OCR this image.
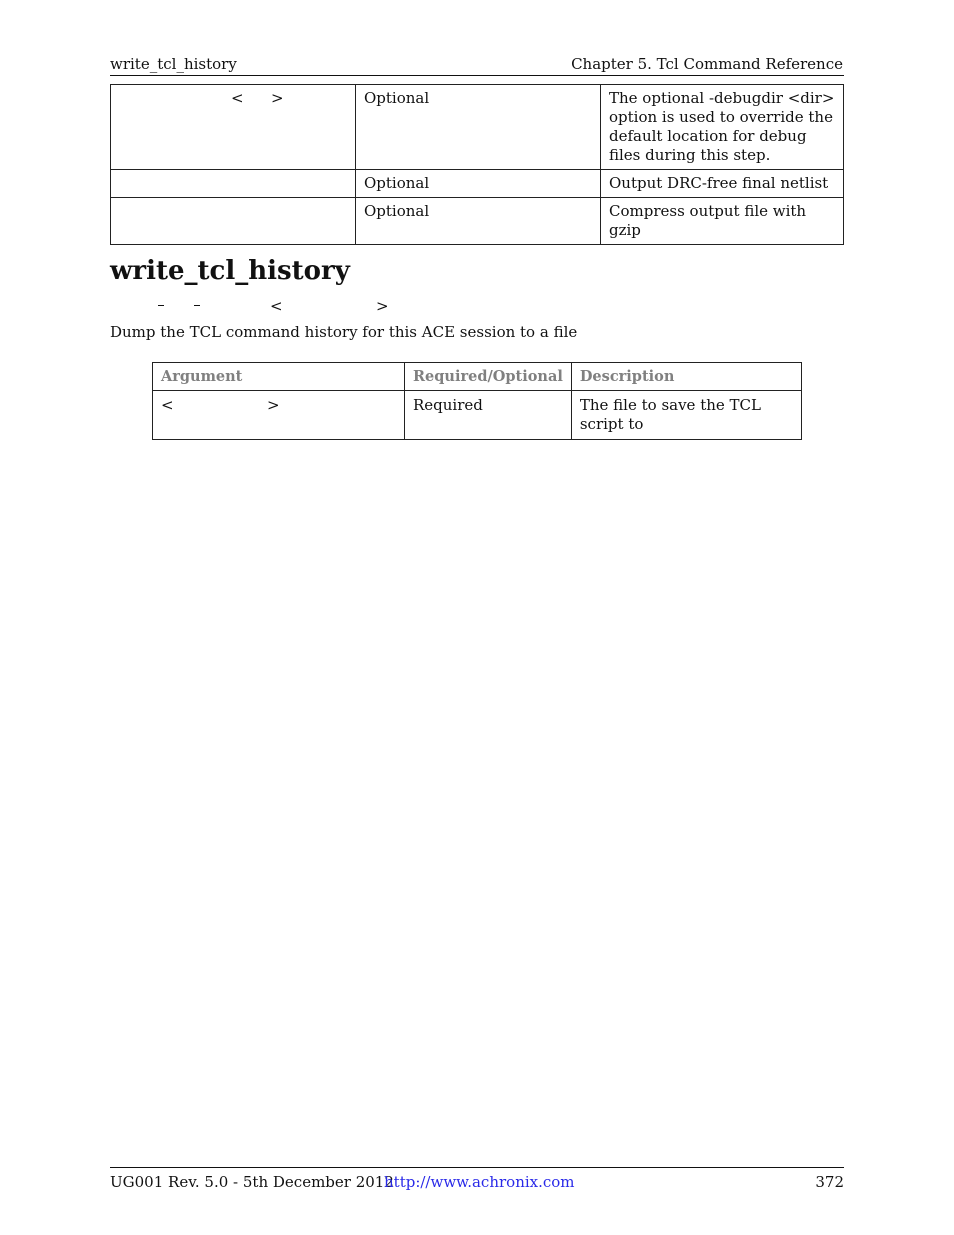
write_tcl_history	Chapter 5. Tcl Command Reference
< >	Optional	The optional -debugdir <dir> option is used to override the default location for debug files during this step.
	Optional	Output DRC-free final netlist
	Optional	Compress output file with gzip
write_tcl_history
<	>
Dump the TCL command history for this ACE session to a file
Argument	Required/Optional	Description

< >	Required	The file to save the TCL script to
UG001 Rev. 5.0 - 5th December 2012
http://www.achronix.com	372
